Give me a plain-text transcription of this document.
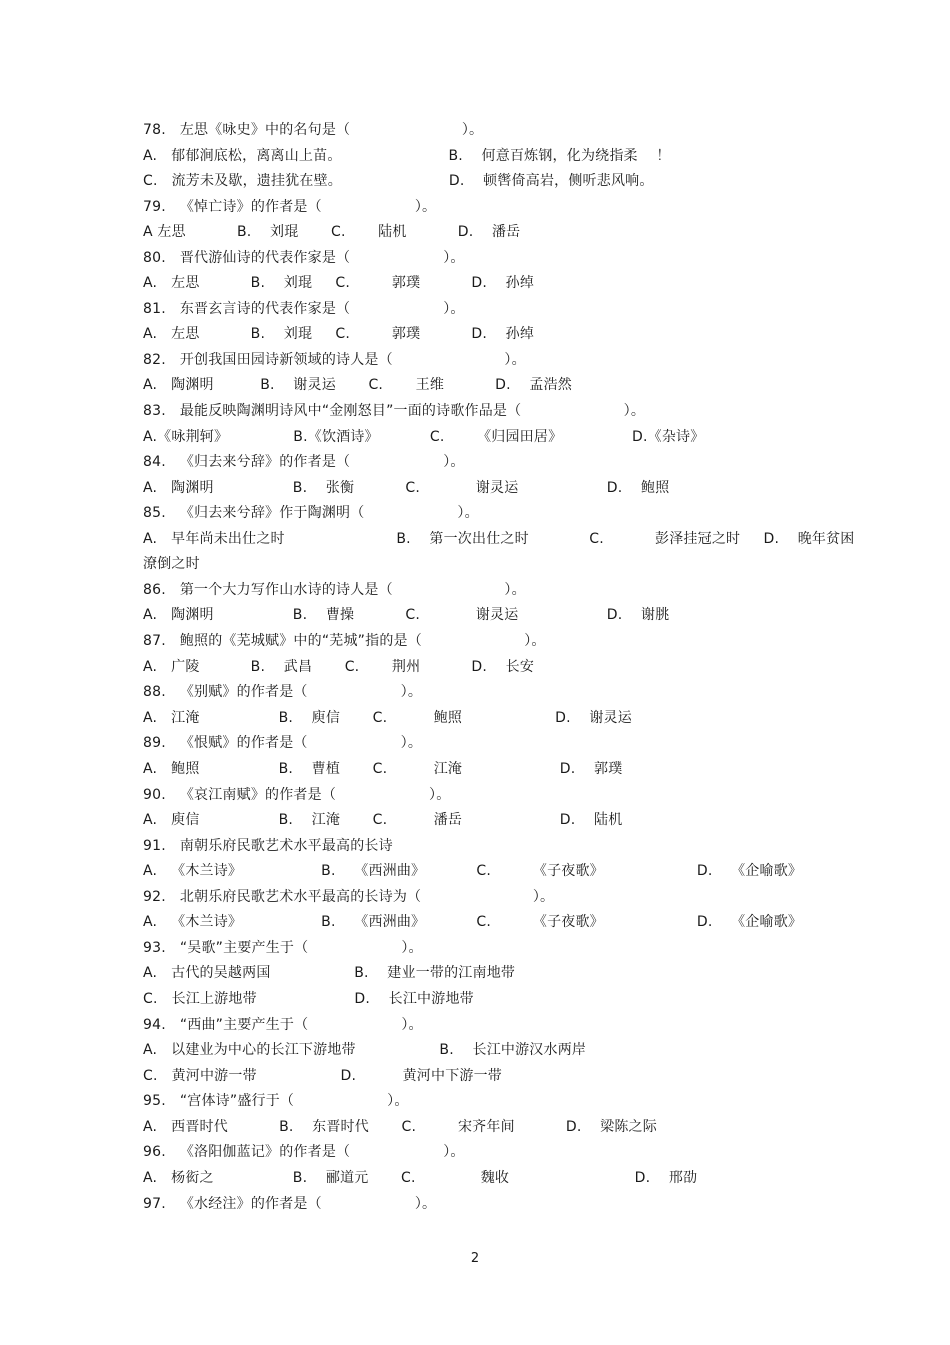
78.   左思《咏史》中的名句是（                        ）。
A.   郁郁涧底松，离离山上苗。                       B.    何意百炼钢，化为绕指柔    ！
C.   流芳未及歇，遗挂犹在壁。                       D.    顿辔倚高岩，侧听悲风响。
79.   《悼亡诗》的作者是（                    ）。
A 左思           B.    刘琨       C.       陆机           D.    潘岳
80.   晋代游仙诗的代表作家是（                    ）。
A.   左思           B.    刘琨     C.         郭璞           D.    孙绰
81.   东晋玄言诗的代表作家是（                    ）。
A.   左思           B.    刘琨     C.         郭璞           D.    孙绰
82.   开创我国田园诗新领域的诗人是（                        ）。
A.   陶渊明          B.    谢灵运       C.       王维           D.    孟浩然
83.   最能反映陶渊明诗风中“金刚怒目”一面的诗歌作品是（                      ）。
A.《咏荆轲》              B.《饮酒诗》           C.       《归园田居》               D.《杂诗》
84.   《归去来兮辞》的作者是（                    ）。
A.   陶渊明                 B.    张衡           C.            谢灵运                   D.    鲍照
85.   《归去来兮辞》作于陶渊明（                    ）。
A.   早年尚未出仕之时                        B.    第一次出仕之时             C.           彭泽挂冠之时     D.    晚年贫困
潦倒之时
86.   第一个大力写作山水诗的诗人是（                        ）。
A.   陶渊明                 B.    曹操           C.            谢灵运                   D.    谢朓
87.   鲍照的《芜城赋》中的“芜城”指的是（                      ）。
A.   广陵           B.    武昌       C.       荆州           D.    长安
88.   《别赋》的作者是（                    ）。
A.   江淹                 B.    庾信       C.          鲍照                    D.    谢灵运
89.   《恨赋》的作者是（                    ）。
A.   鲍照                 B.    曹植       C.          江淹                     D.    郭璞
90.   《哀江南赋》的作者是（                    ）。
A.   庾信                 B.    江淹       C.          潘岳                     D.    陆机
91.   南朝乐府民歌艺术水平最高的长诗
A.   《木兰诗》                 B.    《西洲曲》           C.         《子夜歌》                    D.    《企喻歌》
92.   北朝乐府民歌艺术水平最高的长诗为（                        ）。
A.   《木兰诗》                 B.    《西洲曲》           C.         《子夜歌》                    D.    《企喻歌》
93.   “吴歌”主要产生于（                    ）。
A.   古代的吴越两国                  B.    建业一带的江南地带
C.   长江上游地带                     D.    长江中游地带
94.   “西曲”主要产生于（                    ）。
A.   以建业为中心的长江下游地带                  B.    长江中游汉水两岸
C.   黄河中游一带                  D.          黄河中下游一带
95.   “宫体诗”盛行于（                    ）。
A.   西晋时代           B.    东晋时代       C.         宋齐年间           D.    梁陈之际
96.   《洛阳伽蓝记》的作者是（                    ）。
A.   杨衒之                 B.    郦道元       C.              魏收                           D.    邢劭
97.   《水经注》的作者是（                    ）。
2
